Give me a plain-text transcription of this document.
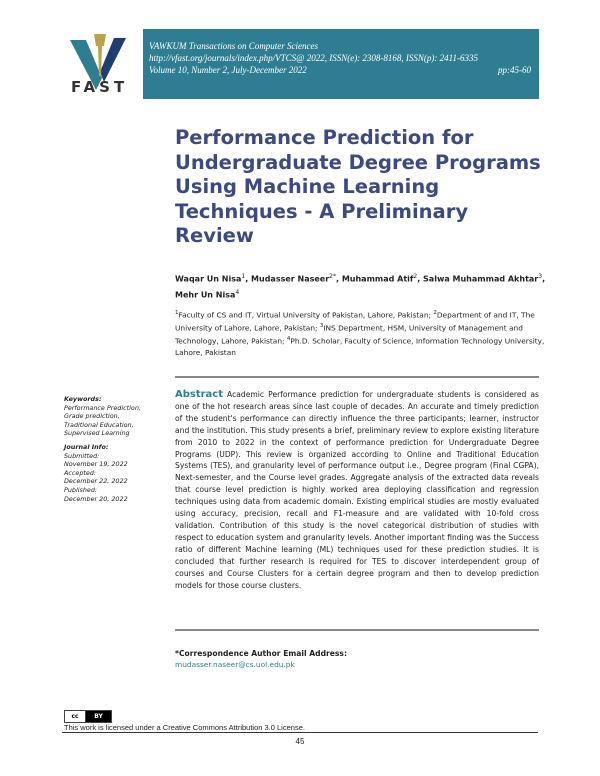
FAST
VAWKUM Transactions on Computer Sciences
http://vfast.org/journals/index.php/VTCS@ 2022, ISSN(e): 2308-8168, ISSN(p): 2411-6335
Volume 10, Number 2, July-December 2022	pp:45-60
Performance Prediction for Undergraduate Degree Programs Using Machine Learning Techniques - A Preliminary Review
Waqar Un Nisa$^1$, Mudasser Naseer$^{2*}$, Muhammad Atif$^2$, Salwa Muhammad Akhtar$^3$,
Mehr Un Nisa$^4$
$^1$Faculty of CS and IT, Virtual University of Pakistan, Lahore, Pakistan; $^2$Department of and IT, The University of Lahore, Lahore, Pakistan; $^3$INS Department, HSM, University of Management and Technology, Lahore, Pakistan; $^4$Ph.D. Scholar, Faculty of Science, Information Technology University, Lahore, Pakistan
Keywords:
Performance Prediction,
Grade prediction,
Traditional Education,
Supervised Learning
Journal Info:
Submitted:
November 19, 2022
Accepted:
December 22, 2022
Published:
December 20, 2022
Abstract Academic Performance prediction for undergraduate students is considered as one of the hot research areas since last couple of decades. An accurate and timely prediction of the student's performance can directly influence the three participants; learner, instructor and the institution. This study presents a brief, preliminary review to explore existing literature from 2010 to 2022 in the context of performance prediction for Undergraduate Degree Programs (UDP). This review is organized according to Online and Traditional Education Systems (TES), and granularity level of performance output i.e., Degree program (Final CGPA), Next-semester, and the Course level grades. Aggregate analysis of the extracted data reveals that course level prediction is highly worked area deploying classification and regression techniques using data from academic domain. Existing empirical studies are mostly evaluated using accuracy, precision, recall and F1-measure and are validated with 10-fold cross validation. Contribution of this study is the novel categorical distribution of studies with respect to education system and granularity levels. Another important finding was the Success ratio of different Machine learning (ML) techniques used for these prediction studies. It is concluded that further research is required for TES to discover interdependent group of courses and Course Clusters for a certain degree program and then to develop prediction models for those course clusters.
*Correspondence Author Email Address:
mudasser.naseer@cs.uol.edu.pk
cc	BY
This work is licensed under a Creative Commons Attribution 3.0 License.
45
